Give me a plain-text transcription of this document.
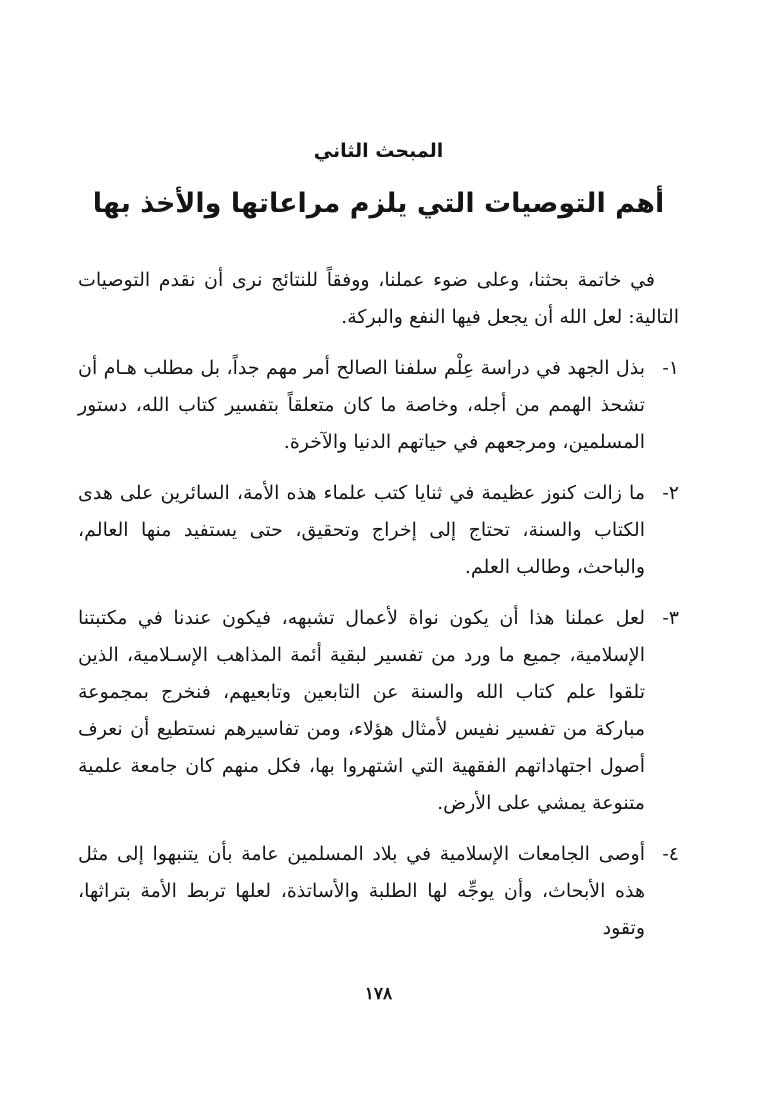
المبحث الثاني
أهم التوصيات التي يلزم مراعاتها والأخذ بها

في خاتمة بحثنا، وعلى ضوء عملنا، ووفقاً للنتائج نرى أن نقدم التوصيات التالية: لعل الله أن يجعل فيها النفع والبركة.

١-
بذل الجهد في دراسة عِلْم سلفنا الصالح أمر مهم جداً، بل مطلب هـام أن تشحذ الهمم من أجله، وخاصة ما كان متعلقاً بتفسير كتاب الله، دستور المسلمين، ومرجعهم في حياتهم الدنيا والآخرة.
٢-
ما زالت كنوز عظيمة في ثنايا كتب علماء هذه الأمة، السائرين على هدى الكتاب والسنة، تحتاج إلى إخراج وتحقيق، حتى يستفيد منها العالم، والباحث، وطالب العلم.
٣-
لعل عملنا هذا أن يكون نواة لأعمال تشبهه، فيكون عندنا في مكتبتنا الإسلامية، جميع ما ورد من تفسير لبقية أئمة المذاهب الإسـلامية، الذين تلقوا علم كتاب الله والسنة عن التابعين وتابعيهم، فنخرج بمجموعة مباركة من تفسير نفيس لأمثال هؤلاء، ومن تفاسيرهم نستطيع أن نعرف أصول اجتهاداتهم الفقهية التي اشتهروا بها، فكل منهم كان جامعة علمية متنوعة يمشي على الأرض.
٤-
أوصى الجامعات الإسلامية في بلاد المسلمين عامة بأن يتنبهوا إلى مثل هذه الأبحاث، وأن يوجِّه لها الطلبة والأساتذة، لعلها تربط الأمة بتراثها، وتقود
١٧٨
